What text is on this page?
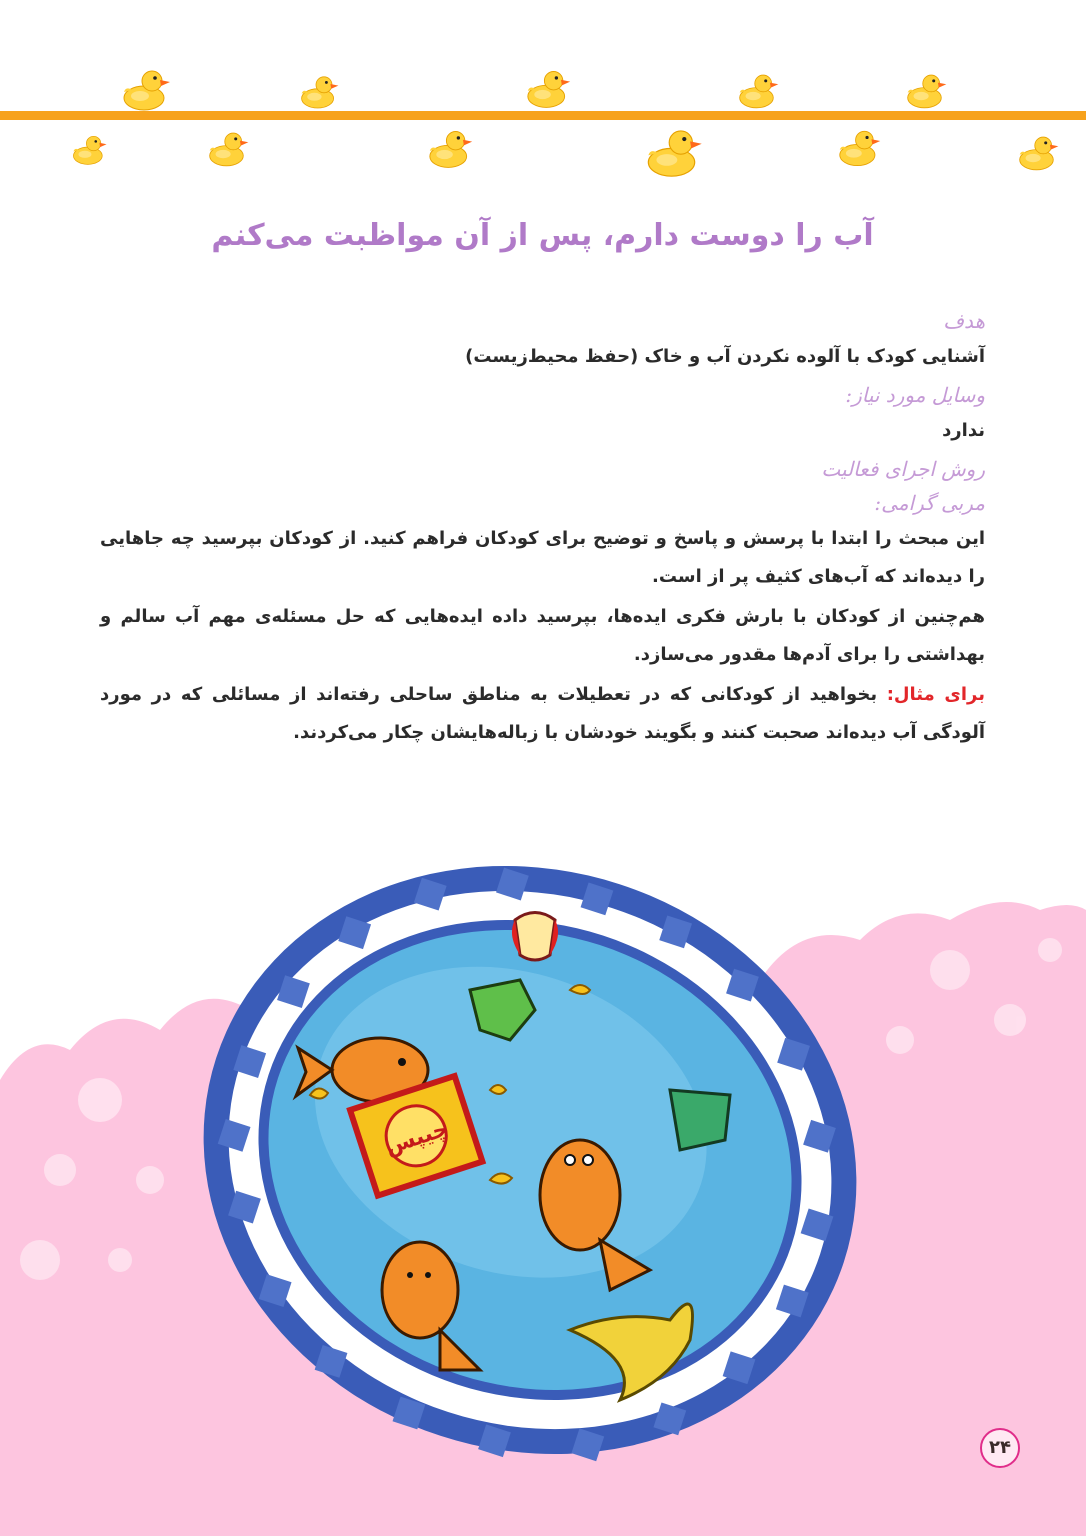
آب را دوست دارم، پس از آن مواظبت می‌کنم

هدف

آشنایی کودک با آلوده نکردن آب و خاک (حفظ محیط‌زیست)

وسایل مورد نیاز:

ندارد

روش اجرای فعالیت

مربی گرامی:

این مبحث را ابتدا با پرسش و پاسخ و توضیح برای کودکان فراهم کنید. از کودکان بپرسید چه جاهایی را دیده‌اند که آب‌های کثیف پر از است.

هم‌چنین از کودکان با بارش فکری ایده‌ها، بپرسید داده ایده‌هایی که حل مسئله‌ی مهم آب سالم و بهداشتی را برای آدم‌ها مقدور می‌سازد.

برای مثال: بخواهید از کودکانی که در تعطیلات به مناطق ساحلی رفته‌اند از مسائلی که در مورد آلودگی آب دیده‌اند صحبت کنند و بگویند خودشان با زباله‌هایشان چکار می‌کردند.

چیپس
۲۴
